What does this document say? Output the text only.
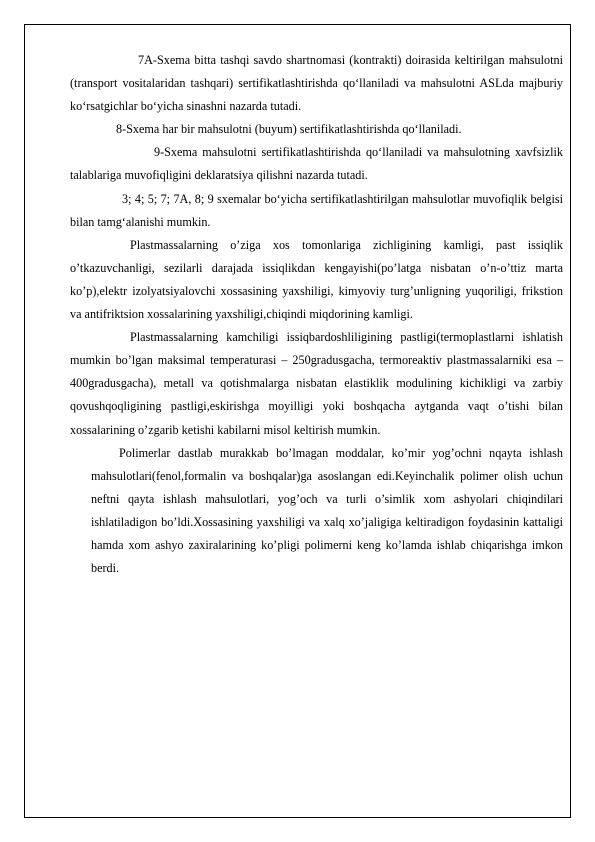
7A-Sxema bitta tashqi savdo shartnomasi (kontrakti) doirasida keltirilgan mahsulotni (transport vositalaridan tashqari) sertifikatlashtirishda qo‘llaniladi va mahsulotni ASLda majburiy ko‘rsatgichlar bo‘yicha sinashni nazarda tutadi.

8-Sxema har bir mahsulotni (buyum) sertifikatlashtirishda qo‘llaniladi.

9-Sxema mahsulotni sertifikatlashtirishda qo‘llaniladi va mahsulotning xavfsizlik talablariga muvofiqligini deklaratsiya qilishni nazarda tutadi.

3; 4; 5; 7; 7A, 8; 9 sxemalar bo‘yicha sertifikatlashtirilgan mahsulotlar muvofiqlik belgisi bilan tamg‘alanishi mumkin.

Plastmassalarning o’ziga xos tomonlariga zichligining kamligi, past issiqlik o’tkazuvchanligi, sezilarli darajada issiqlikdan kengayishi(po’latga nisbatan o’n-o’ttiz marta ko’p),elektr izolyatsiyalovchi xossasining yaxshiligi, kimyoviy turg’unligning yuqoriligi, frikstion va antifriktsion xossalarining yaxshiligi,chiqindi miqdorining kamligi.

Plastmassalarning kamchiligi issiqbardoshliligining pastligi(termoplastlarni ishlatish mumkin bo’lgan maksimal temperaturasi – 250gradusgacha, termoreaktiv plastmassalarniki esa – 400gradusgacha), metall va qotishmalarga nisbatan elastiklik modulining kichikligi va zarbiy qovushqoqligining pastligi,eskirishga moyilligi yoki boshqacha aytganda vaqt o’tishi bilan xossalarining o’zgarib ketishi kabilarni misol keltirish mumkin.

Polimerlar dastlab murakkab bo’lmagan moddalar, ko’mir yog’ochni nqayta ishlash mahsulotlari(fenol,formalin va boshqalar)ga asoslangan edi.Keyinchalik polimer olish uchun neftni qayta ishlash mahsulotlari, yog’och va turli o’simlik xom ashyolari chiqindilari ishlatiladigon bo’ldi.Xossasining yaxshiligi va xalq xo’jaligiga keltiradigon foydasinin kattaligi hamda xom ashyo zaxiralarining ko’pligi polimerni keng ko’lamda ishlab chiqarishga imkon berdi.
